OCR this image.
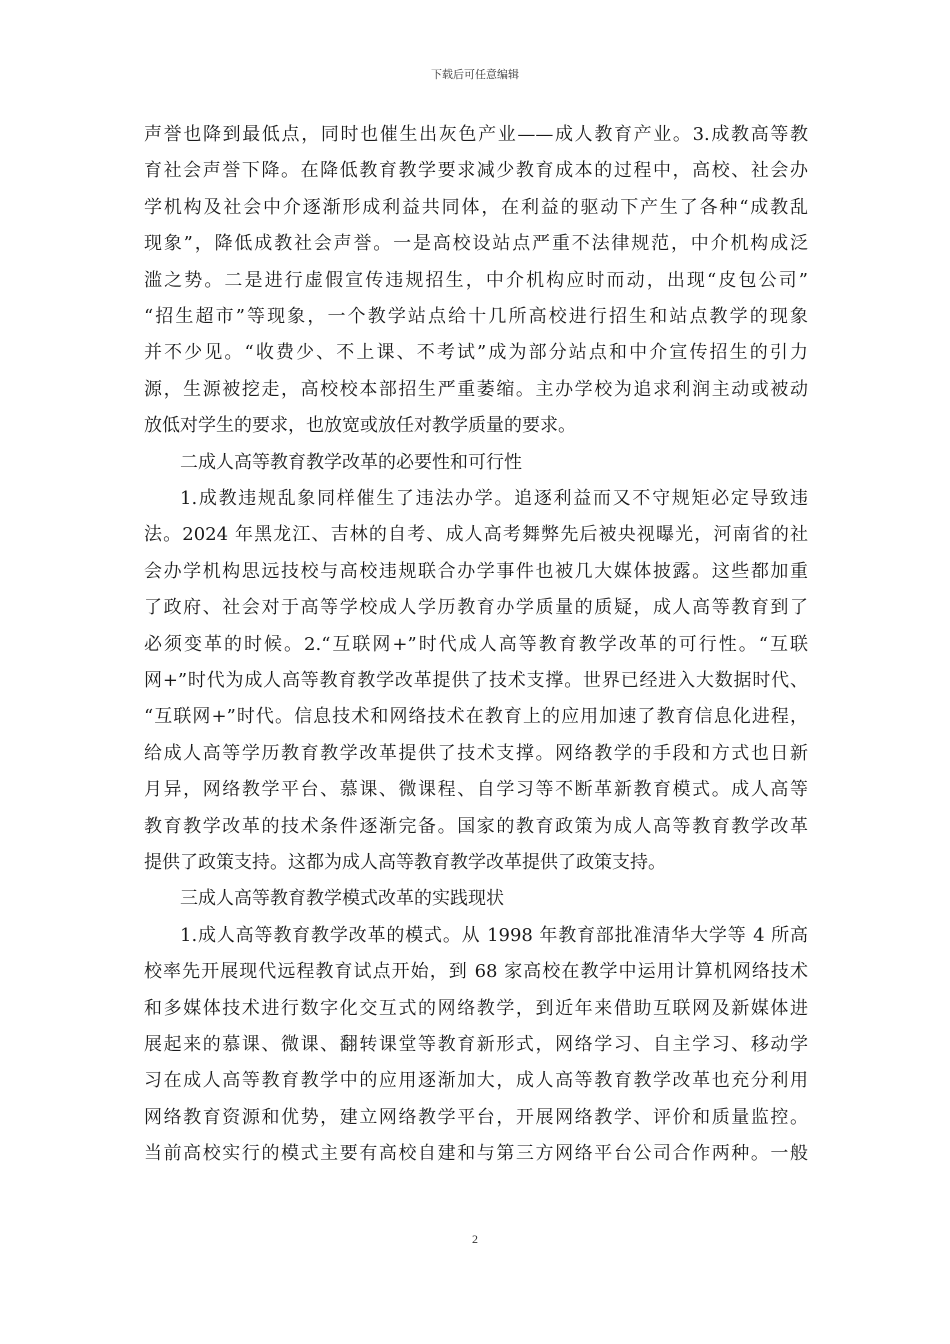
下载后可任意编辑
声誉也降到最低点，同时也催生出灰色产业——成人教育产业。3.成教高等教
育社会声誉下降。在降低教育教学要求减少教育成本的过程中，高校、社会办
学机构及社会中介逐渐形成利益共同体，在利益的驱动下产生了各种“成教乱
现象”，降低成教社会声誉。一是高校设站点严重不法律规范，中介机构成泛
滥之势。二是进行虚假宣传违规招生，中介机构应时而动，出现“皮包公司”
“招生超市”等现象，一个教学站点给十几所高校进行招生和站点教学的现象
并不少见。“收费少、不上课、不考试”成为部分站点和中介宣传招生的引力
源，生源被挖走，高校校本部招生严重萎缩。主办学校为追求利润主动或被动
放低对学生的要求，也放宽或放任对教学质量的要求。
二成人高等教育教学改革的必要性和可行性
1.成教违规乱象同样催生了违法办学。追逐利益而又不守规矩必定导致违
法。2024 年黑龙江、吉林的自考、成人高考舞弊先后被央视曝光，河南省的社
会办学机构思远技校与高校违规联合办学事件也被几大媒体披露。这些都加重
了政府、社会对于高等学校成人学历教育办学质量的质疑，成人高等教育到了
必须变革的时候。2.“互联网+”时代成人高等教育教学改革的可行性。“互联
网+”时代为成人高等教育教学改革提供了技术支撑。世界已经进入大数据时代、
“互联网+”时代。信息技术和网络技术在教育上的应用加速了教育信息化进程，
给成人高等学历教育教学改革提供了技术支撑。网络教学的手段和方式也日新
月异，网络教学平台、慕课、微课程、自学习等不断革新教育模式。成人高等
教育教学改革的技术条件逐渐完备。国家的教育政策为成人高等教育教学改革
提供了政策支持。这都为成人高等教育教学改革提供了政策支持。
三成人高等教育教学模式改革的实践现状
1.成人高等教育教学改革的模式。从 1998 年教育部批准清华大学等 4 所高
校率先开展现代远程教育试点开始，到 68 家高校在教学中运用计算机网络技术
和多媒体技术进行数字化交互式的网络教学，到近年来借助互联网及新媒体进
展起来的慕课、微课、翻转课堂等教育新形式，网络学习、自主学习、移动学
习在成人高等教育教学中的应用逐渐加大，成人高等教育教学改革也充分利用
网络教育资源和优势，建立网络教学平台，开展网络教学、评价和质量监控。
当前高校实行的模式主要有高校自建和与第三方网络平台公司合作两种。一般
2
